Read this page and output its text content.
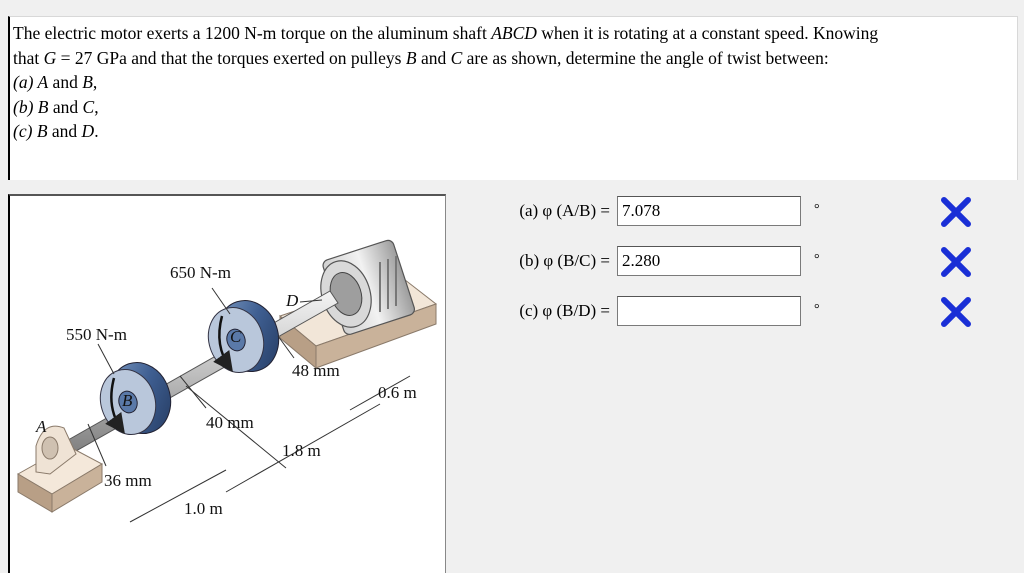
The electric motor exerts a 1200 N-m torque on the aluminum shaft ABCD when it is rotating at a constant speed. Knowing

that G = 27 GPa and that the torques exerted on pulleys B and C are as shown, determine the angle of twist between:

(a) A and B,

(b) B and C,

(c) B and D.

650 N-m
550 N-m
A
B
C
D
48 mm
0.6 m
40 mm
1.8 m
36 mm
1.0 m
(a) φ (A/B) =
7.078	°
(b) φ (B/C) =
2.280	°
(c) φ (B/D) =	°
